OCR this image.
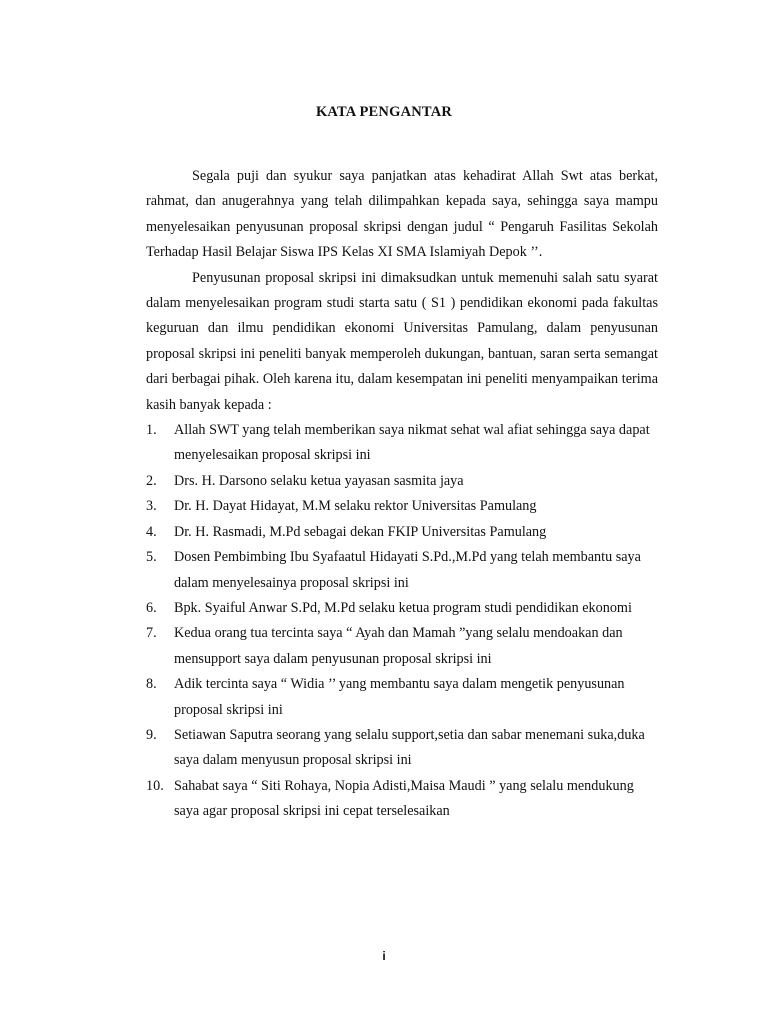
KATA PENGANTAR

Segala puji dan syukur saya panjatkan atas kehadirat Allah Swt atas berkat, rahmat, dan anugerahnya yang telah dilimpahkan kepada saya, sehingga saya mampu menyelesaikan penyusunan proposal skripsi dengan judul “ Pengaruh Fasilitas Sekolah Terhadap Hasil Belajar Siswa IPS Kelas XI SMA Islamiyah Depok ’’.

Penyusunan proposal skripsi ini dimaksudkan untuk memenuhi salah satu syarat dalam menyelesaikan program studi starta satu ( S1 ) pendidikan ekonomi pada fakultas keguruan dan ilmu pendidikan ekonomi Universitas Pamulang, dalam penyusunan proposal skripsi ini peneliti banyak memperoleh dukungan, bantuan, saran serta semangat dari berbagai pihak. Oleh karena itu, dalam kesempatan ini peneliti menyampaikan terima kasih banyak kepada :

1. Allah SWT yang telah memberikan saya nikmat sehat wal afiat sehingga saya dapat menyelesaikan proposal skripsi ini
2. Drs. H. Darsono selaku ketua yayasan sasmita jaya
3. Dr. H. Dayat Hidayat, M.M selaku rektor Universitas Pamulang
4. Dr. H. Rasmadi, M.Pd sebagai dekan FKIP Universitas Pamulang
5. Dosen Pembimbing Ibu Syafaatul Hidayati S.Pd.,M.Pd yang telah membantu saya dalam menyelesainya proposal skripsi ini
6. Bpk. Syaiful Anwar S.Pd, M.Pd selaku ketua program studi pendidikan ekonomi
7. Kedua orang tua tercinta saya “ Ayah dan Mamah ”yang selalu mendoakan dan mensupport saya dalam penyusunan proposal skripsi ini
8. Adik tercinta saya “ Widia ’’ yang membantu saya dalam mengetik penyusunan proposal skripsi ini
9. Setiawan Saputra seorang yang selalu support,setia dan sabar menemani suka,duka saya dalam menyusun proposal skripsi ini
10. Sahabat saya “ Siti Rohaya, Nopia Adisti,Maisa Maudi ” yang selalu mendukung saya agar proposal skripsi ini cepat terselesaikan
i
